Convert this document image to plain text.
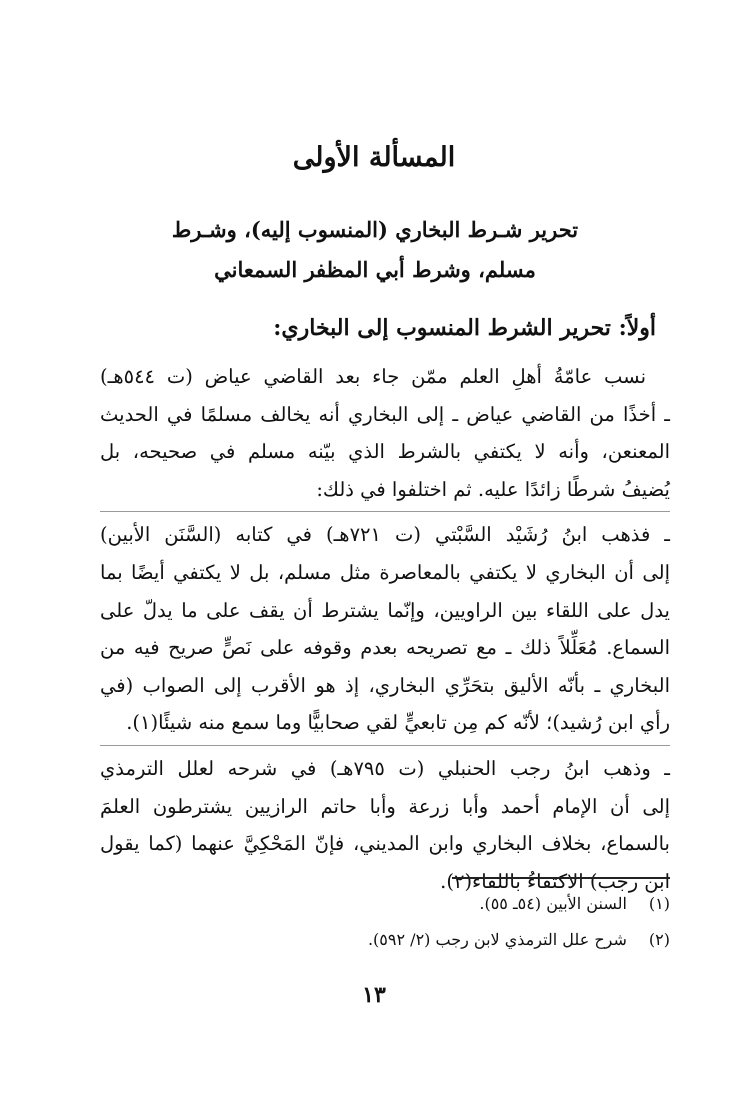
المسألة الأولى
تحرير شـرط البخاري (المنسوب إليه)، وشـرط
مسلم، وشرط أبي المظفر السمعاني
أولاً: تحرير الشرط المنسوب إلى البخاري:
نسب عامّةُ أهلِ العلم ممّن جاء بعد القاضي عياض (ت ٥٤٤هـ)
ـ أخذًا من القاضي عياض ـ إلى البخاري أنه يخالف مسلمًا في الحديث
المعنعن، وأنه لا يكتفي بالشرط الذي بيّنه مسلم في صحيحه، بل
يُضيفُ شرطًا زائدًا عليه. ثم اختلفوا في ذلك:
ـ فذهب ابنُ رُشَيْد السَّبْتي (ت ٧٢١هـ) في كتابه (السَّنَن الأبين)
إلى أن البخاري لا يكتفي بالمعاصرة مثل مسلم، بل لا يكتفي أيضًا بما
يدل على اللقاء بين الراويين، وإنّما يشترط أن يقف على ما يدلّ على
السماع. مُعَلِّلاً ذلك ـ مع تصريحه بعدم وقوفه على نَصٍّ صريح فيه من
البخاري ـ بأنّه الأليق بتحَرِّي البخاري، إذ هو الأقرب إلى الصواب (في
رأي ابن رُشيد)؛ لأنّه كم مِن تابعيٍّ لقي صحابيًّا وما سمع منه شيئًا(١).
ـ وذهب ابنُ رجب الحنبلي (ت ٧٩٥هـ) في شرحه لعلل الترمذي
إلى أن الإمام أحمد وأبا زرعة وأبا حاتم الرازيين يشترطون العلمَ
بالسماع، بخلاف البخاري وابن المديني، فإنّ المَحْكِيَّ عنهما (كما يقول
ابن رجب) الاكتفاءُ باللقاء(٢).
(١) السنن الأبين (٥٤ـ ٥٥).
(٢) شرح علل الترمذي لابن رجب (٢/ ٥٩٢).
١٣
